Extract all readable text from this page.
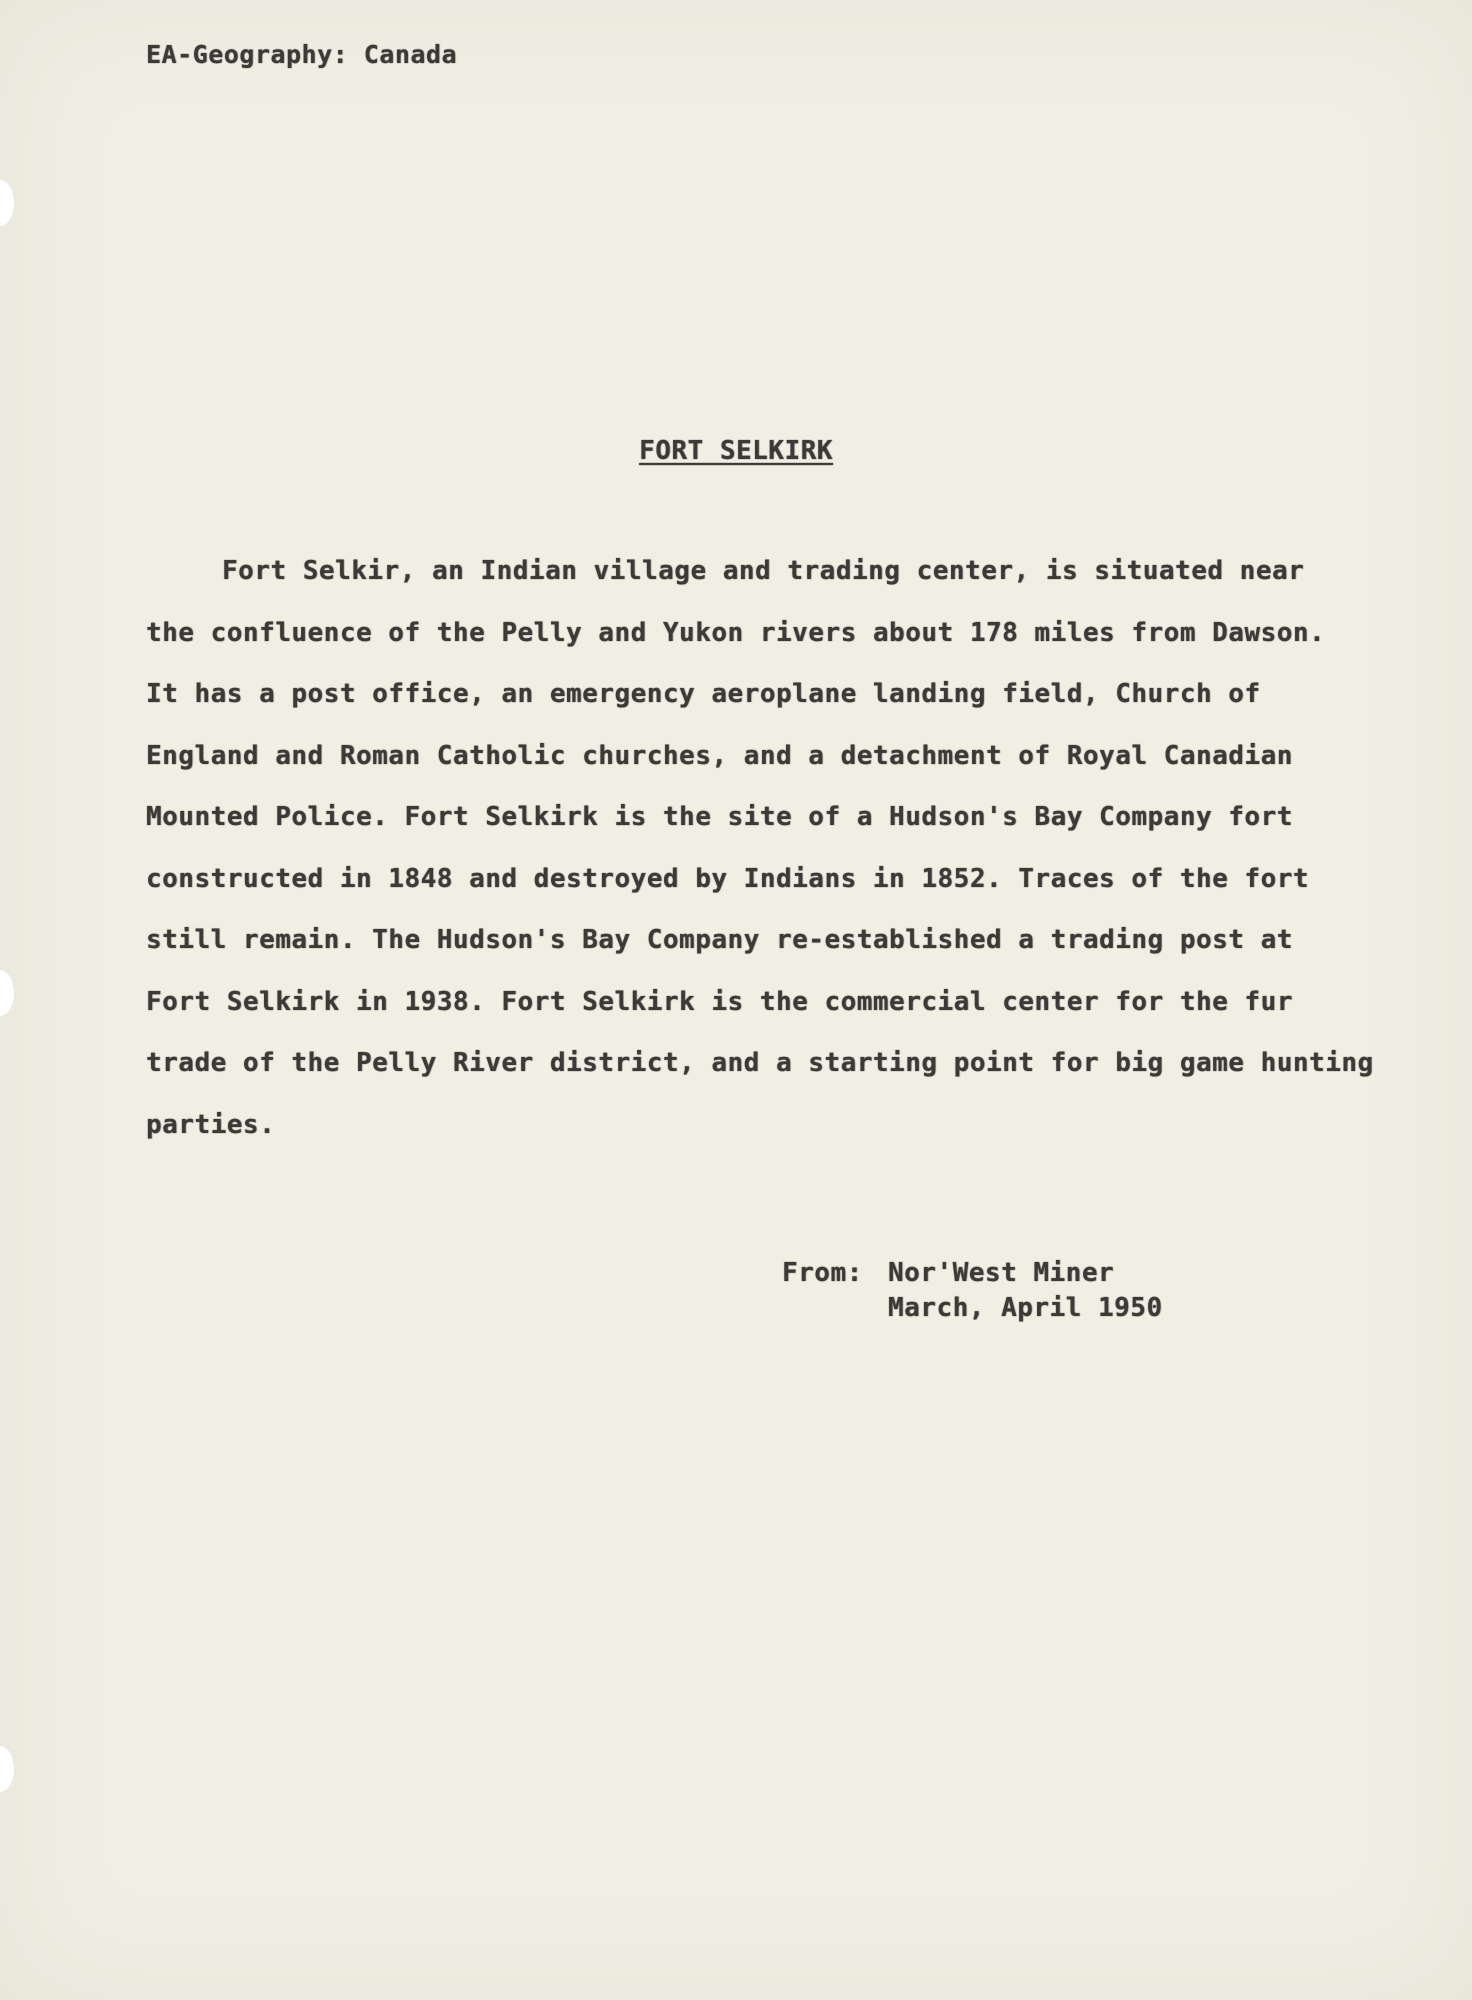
EA-Geography: Canada
FORT SELKIRK
Fort Selkir, an Indian village and trading center, is situated near
the confluence of the Pelly and Yukon rivers about 178 miles from Dawson.
It has a post office, an emergency aeroplane landing field, Church of
England and Roman Catholic churches, and a detachment of Royal Canadian
Mounted Police. Fort Selkirk is the site of a Hudson's Bay Company fort
constructed in 1848 and destroyed by Indians in 1852. Traces of the fort
still remain. The Hudson's Bay Company re-established a trading post at
Fort Selkirk in 1938. Fort Selkirk is the commercial center for the fur
trade of the Pelly River district, and a starting point for big game hunting
parties.
From: Nor'West Miner
March, April 1950
